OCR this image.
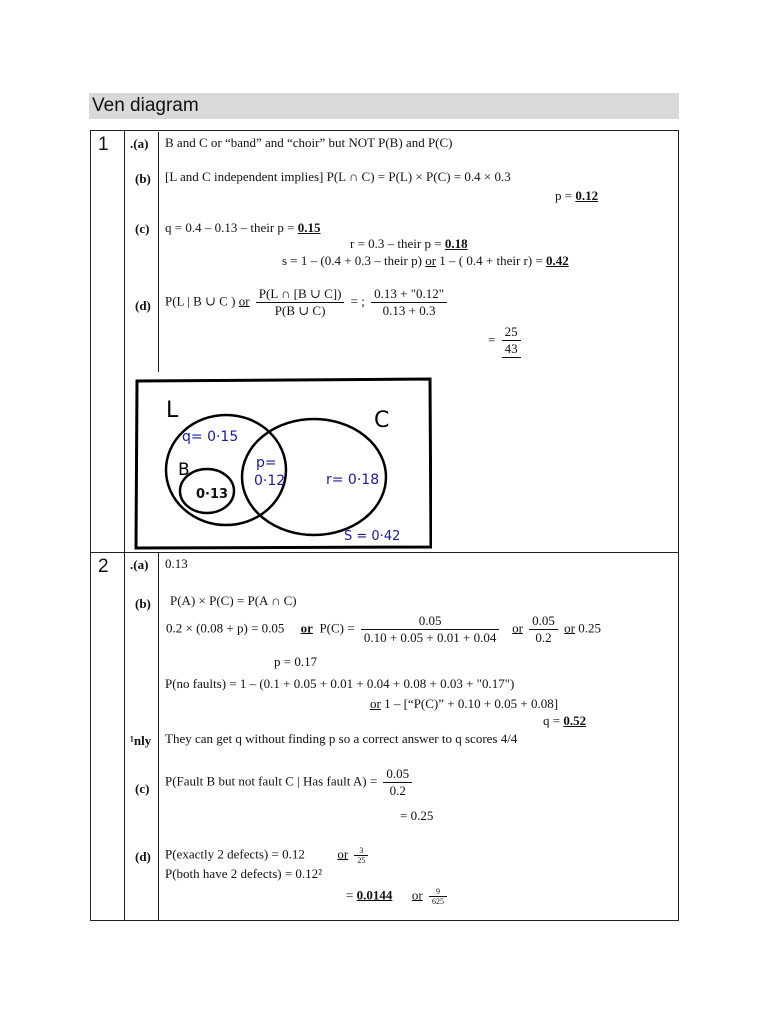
Ven diagram
1 .(a) B and C or “band” and “choir” but NOT P(B) and P(C)
(b) [L and C independent implies] P(L ∩ C) = P(L) × P(C) = 0.4 × 0.3
p = 0.12
(c) q = 0.4 – 0.13 – their p = 0.15
r = 0.3 – their p = 0.18
s = 1 – (0.4 + 0.3 – their p) or 1 – ( 0.4 + their r) = 0.42
(d) P(L | B ∪ C ) or $\frac{P(L \cap [B \cup C])}{P(B \cup C)}$ = ; $\frac{0.13 + "0.12"}{0.13 + 0.3}$
= $\frac{25}{43}$
L	C
B
q= 0·15
p=
0·12
0·13
r= 0·18
S = 0·42
2 .(a) 0.13
(b) P(A) × P(C) = P(A ∩ C)
0.2 × (0.08 + p) = 0.05 or $P(C) = \frac{0.05}{0.10 + 0.05 + 0.01 + 0.04}$ or $\frac{0.05}{0.2}$ or 0.25
p = 0.17
P(no faults) = 1 – (0.1 + 0.05 + 0.01 + 0.04 + 0.08 + 0.03 + "0.17")
or 1 – [“P(C)” + 0.10 + 0.05 + 0.08]
q = 0.52
¹nly They can get q without finding p so a correct answer to q scores 4/4
(c)
P(Fault B but not fault C | Has fault $A) = \frac{0.05}{0.2}$
= 0.25
(d) P(exactly 2 defects) = 0.12	or $\frac{3}{25}$
P(both have 2 defects) = 0.12²
= 0.0144 or $\frac{9}{625}$
